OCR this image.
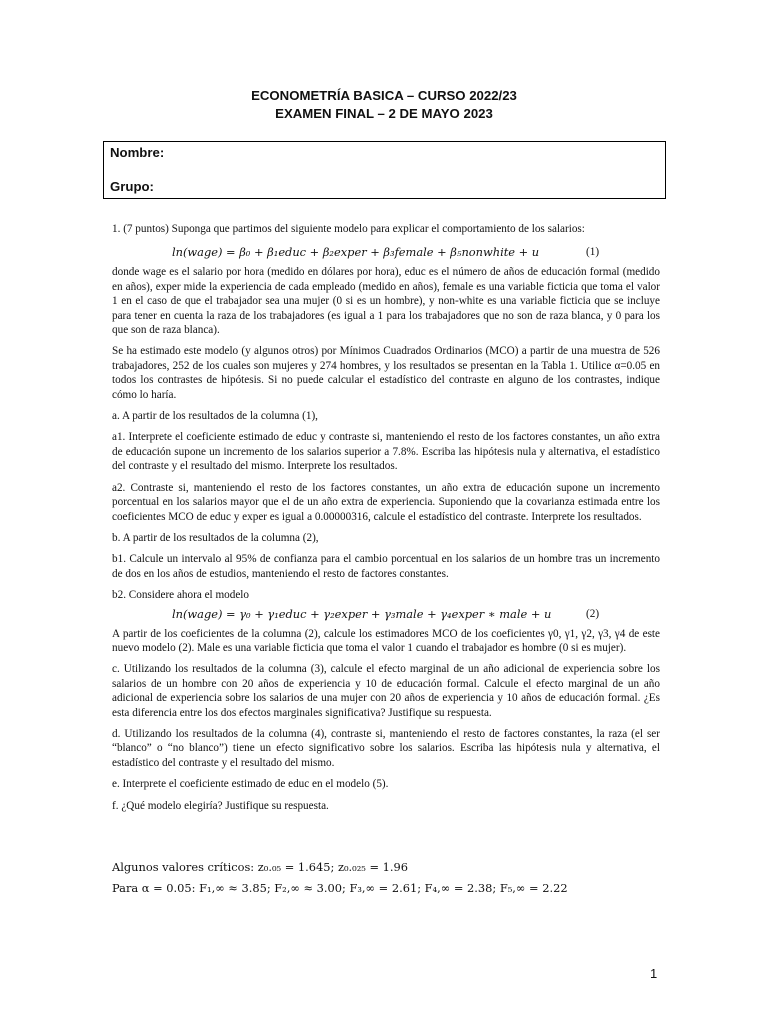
ECONOMETRÍA BASICA – CURSO 2022/23
EXAMEN FINAL – 2 DE MAYO 2023
Nombre:
Grupo:

1. (7 puntos) Suponga que partimos del siguiente modelo para explicar el comportamiento de los salarios:

ln(wage) = β₀ + β₁educ + β₂exper + β₃female + β₅nonwhite + u	(1)

donde wage es el salario por hora (medido en dólares por hora), educ es el número de años de educación formal (medido en años), exper mide la experiencia de cada empleado (medido en años), female es una variable ficticia que toma el valor 1 en el caso de que el trabajador sea una mujer (0 si es un hombre), y non-white es una variable ficticia que se incluye para tener en cuenta la raza de los trabajadores (es igual a 1 para los trabajadores que no son de raza blanca, y 0 para los que son de raza blanca).

Se ha estimado este modelo (y algunos otros) por Mínimos Cuadrados Ordinarios (MCO) a partir de una muestra de 526 trabajadores, 252 de los cuales son mujeres y 274 hombres, y los resultados se presentan en la Tabla 1. Utilice α=0.05 en todos los contrastes de hipótesis. Si no puede calcular el estadístico del contraste en alguno de los contrastes, indique cómo lo haría.

a. A partir de los resultados de la columna (1),

a1. Interprete el coeficiente estimado de educ y contraste si, manteniendo el resto de los factores constantes, un año extra de educación supone un incremento de los salarios superior a 7.8%. Escriba las hipótesis nula y alternativa, el estadístico del contraste y el resultado del mismo. Interprete los resultados.

a2. Contraste si, manteniendo el resto de los factores constantes, un año extra de educación supone un incremento porcentual en los salarios mayor que el de un año extra de experiencia. Suponiendo que la covarianza estimada entre los coeficientes MCO de educ y exper es igual a 0.00000316, calcule el estadístico del contraste. Interprete los resultados.

b. A partir de los resultados de la columna (2),

b1. Calcule un intervalo al 95% de confianza para el cambio porcentual en los salarios de un hombre tras un incremento de dos en los años de estudios, manteniendo el resto de factores constantes.

b2. Considere ahora el modelo

ln(wage) = γ₀ + γ₁educ + γ₂exper + γ₃male + γ₄exper ∗ male + u	(2)

A partir de los coeficientes de la columna (2), calcule los estimadores MCO de los coeficientes γ0, γ1, γ2, γ3, γ4 de este nuevo modelo (2). Male es una variable ficticia que toma el valor 1 cuando el trabajador es hombre (0 si es mujer).

c. Utilizando los resultados de la columna (3), calcule el efecto marginal de un año adicional de experiencia sobre los salarios de un hombre con 20 años de experiencia y 10 de educación formal. Calcule el efecto marginal de un año adicional de experiencia sobre los salarios de una mujer con 20 años de experiencia y 10 años de educación formal. ¿Es esta diferencia entre los dos efectos marginales significativa? Justifique su respuesta.

d. Utilizando los resultados de la columna (4), contraste si, manteniendo el resto de factores constantes, la raza (el ser “blanco” o “no blanco”) tiene un efecto significativo sobre los salarios. Escriba las hipótesis nula y alternativa, el estadístico del contraste y el resultado del mismo.

e. Interprete el coeficiente estimado de educ en el modelo (5).

f. ¿Qué modelo elegiría? Justifique su respuesta.

Algunos valores críticos: z₀.₀₅ = 1.645; z₀.₀₂₅ = 1.96
Para α = 0.05: F₁,∞ ≈ 3.85; F₂,∞ ≈ 3.00; F₃,∞ = 2.61; F₄,∞ = 2.38; F₅,∞ = 2.22
1
